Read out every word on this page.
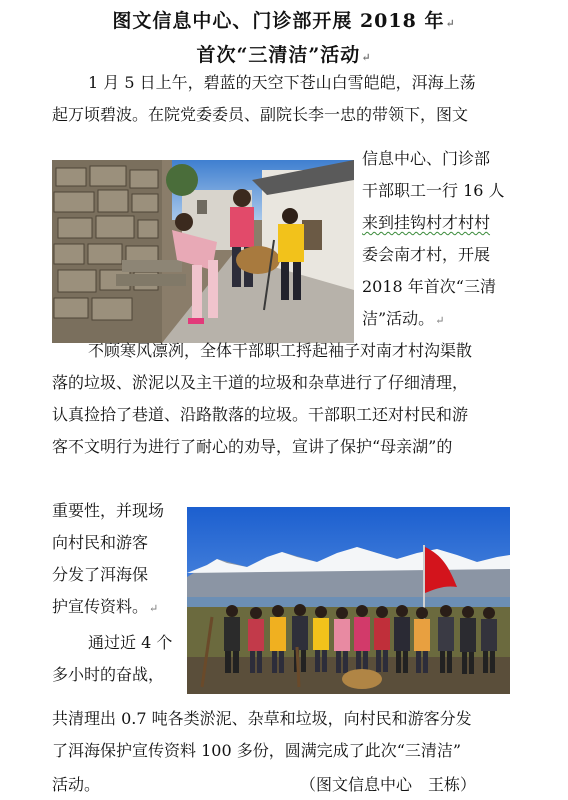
图文信息中心、门诊部开展 2018 年↵
首次“三清洁”活动↵
1 月 5 日上午，碧蓝的天空下苍山白雪皑皑，洱海上荡
起万顷碧波。在院党委委员、副院长李一忠的带领下，图文
信息中心、门诊部
干部职工一行 16 人
来到挂钩村才村村
委会南才村，开展
2018 年首次“三清
洁”活动。↵
不顾寒风凛冽，全体干部职工捋起袖子对南才村沟渠散
落的垃圾、淤泥以及主干道的垃圾和杂草进行了仔细清理，
认真捡拾了巷道、沿路散落的垃圾。干部职工还对村民和游
客不文明行为进行了耐心的劝导，宣讲了保护“母亲湖”的
重要性，并现场
向村民和游客
分发了洱海保
护宣传资料。↵
通过近 4 个
多小时的奋战，
共清理出 0.7 吨各类淤泥、杂草和垃圾，向村民和游客分发
了洱海保护宣传资料 100 多份，圆满完成了此次“三清洁”
活动。	（图文信息中心　王栋）
